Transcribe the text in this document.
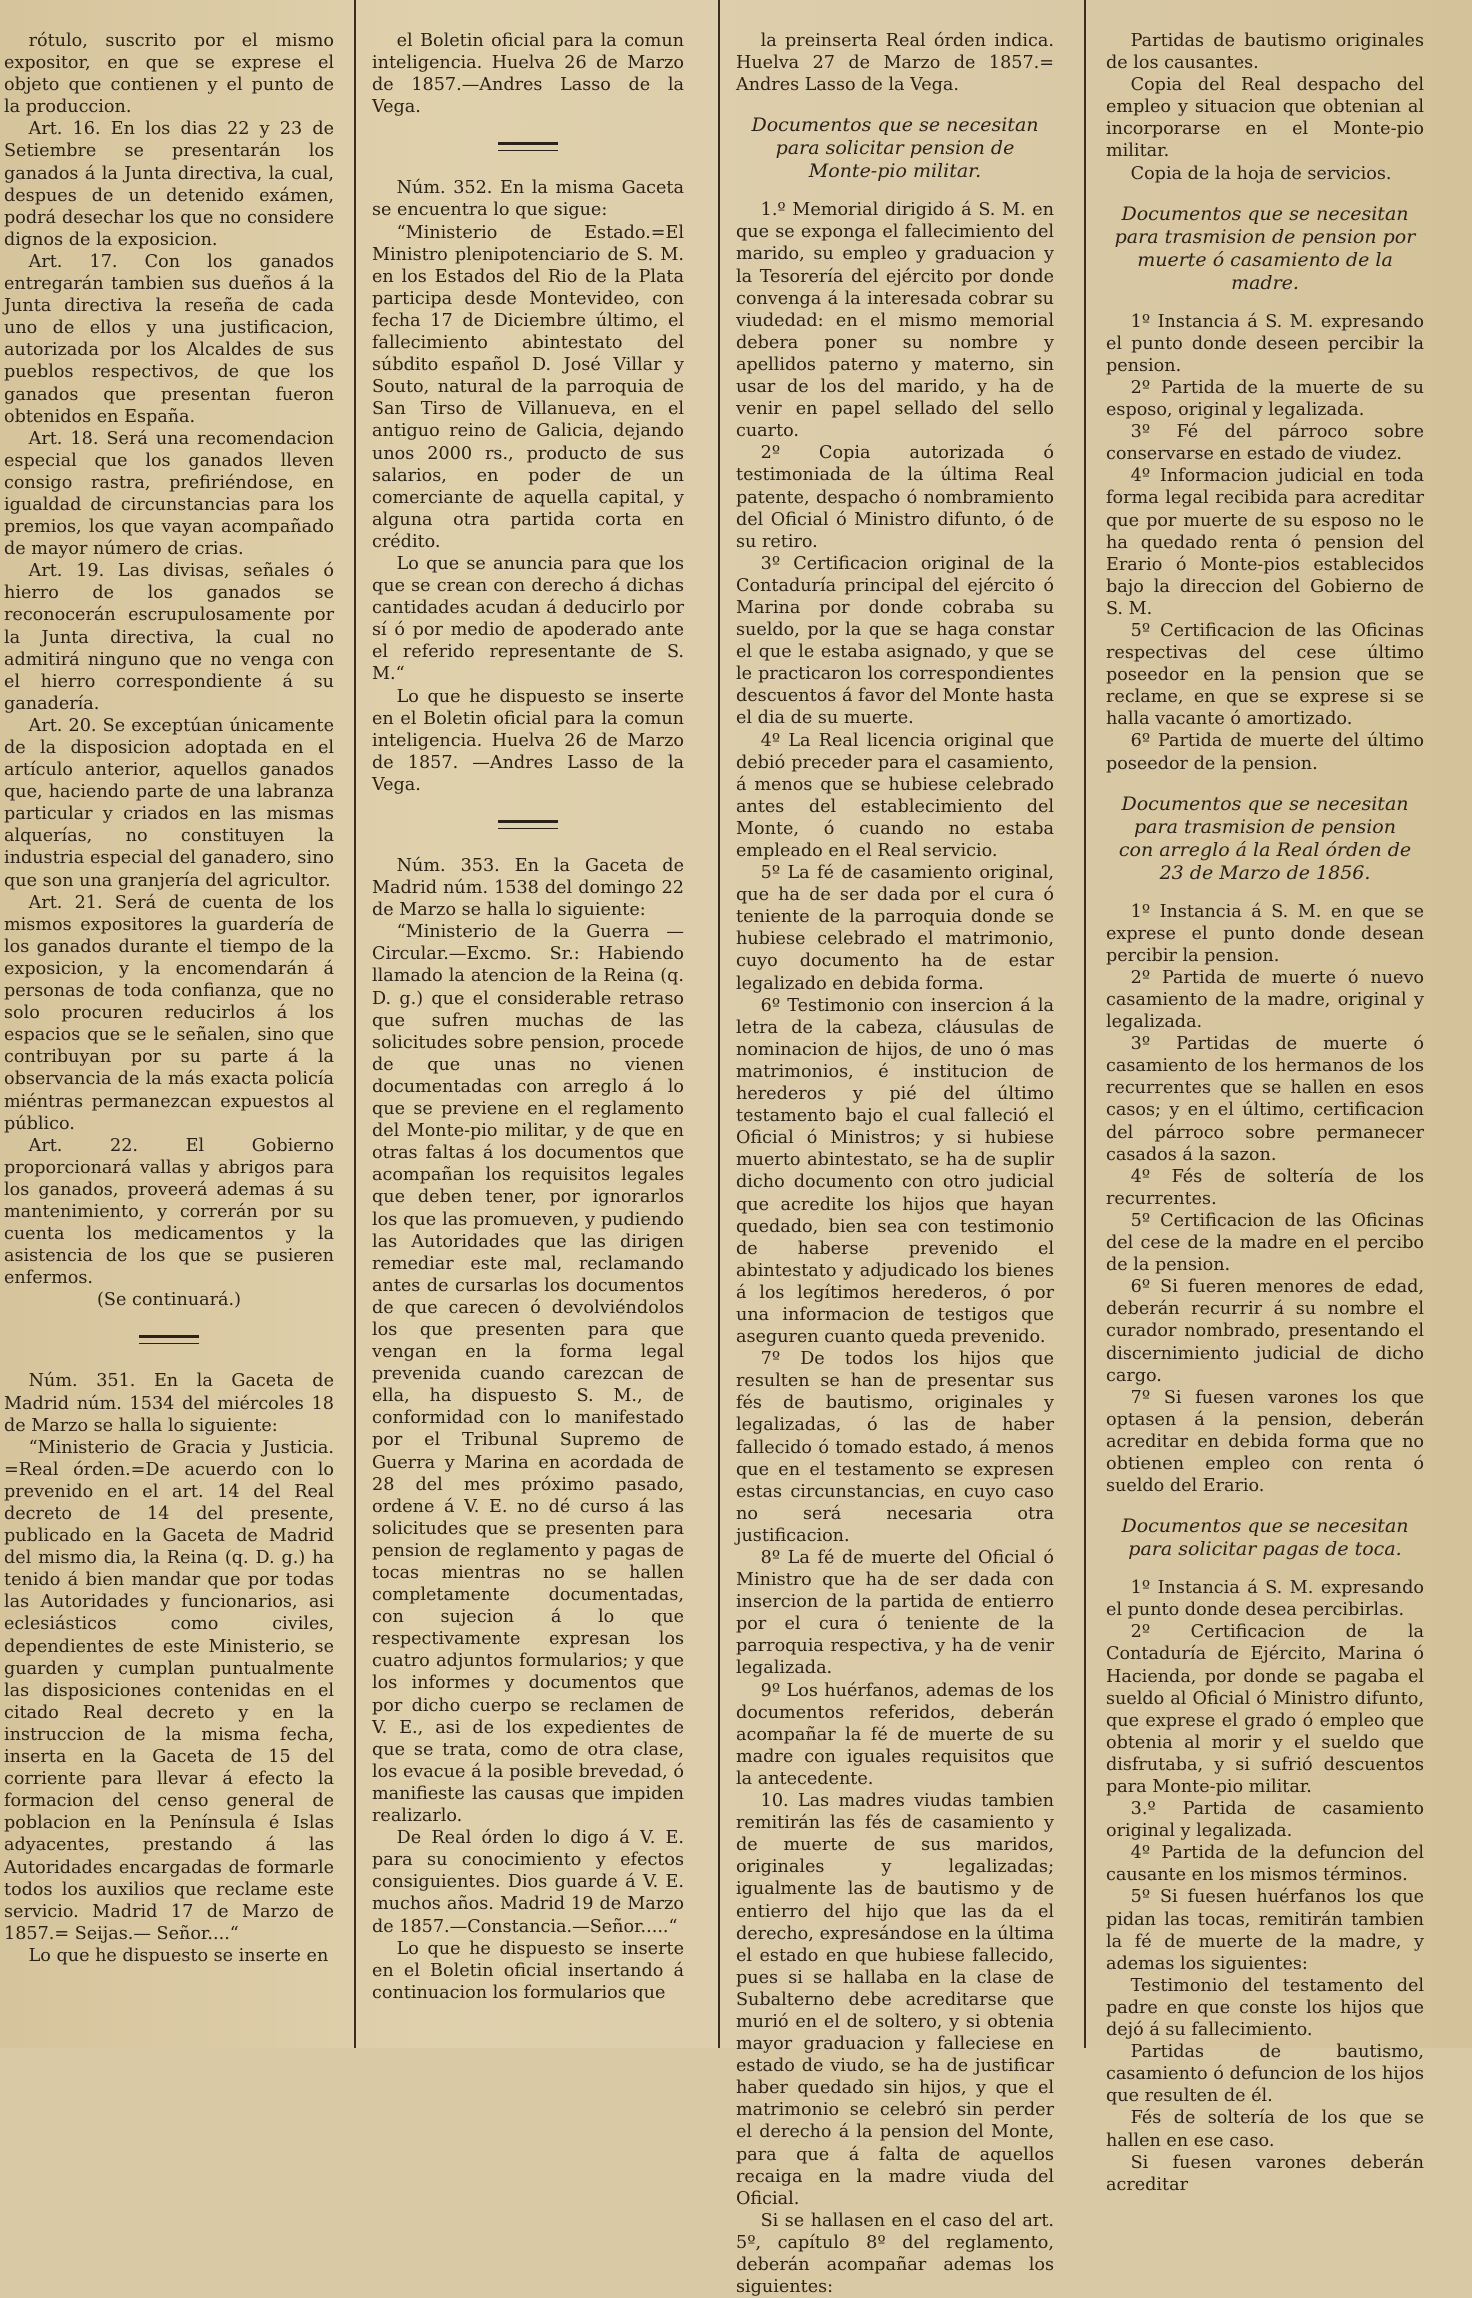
rótulo, suscrito por el mismo expositor, en que se exprese el objeto que contienen y el punto de la produccion.

Art. 16. En los dias 22 y 23 de Setiembre se presentarán los ganados á la Junta directiva, la cual, despues de un detenido exámen, podrá desechar los que no considere dignos de la exposicion.

Art. 17. Con los ganados entregarán tambien sus dueños á la Junta directiva la reseña de cada uno de ellos y una justificacion, autorizada por los Alcaldes de sus pueblos respectivos, de que los ganados que presentan fueron obtenidos en España.

Art. 18. Será una recomendacion especial que los ganados lleven consigo rastra, prefiriéndose, en igualdad de circunstancias para los premios, los que vayan acompañado de mayor número de crias.

Art. 19. Las divisas, señales ó hierro de los ganados se reconocerán escrupulosamente por la Junta directiva, la cual no admitirá ninguno que no venga con el hierro correspondiente á su ganadería.

Art. 20. Se exceptúan únicamente de la disposicion adoptada en el artículo anterior, aquellos ganados que, haciendo parte de una labranza particular y criados en las mismas alquerías, no constituyen la industria especial del ganadero, sino que son una granjería del agricultor.

Art. 21. Será de cuenta de los mismos expositores la guardería de los ganados durante el tiempo de la exposicion, y la encomendarán á personas de toda confianza, que no solo procuren reducirlos á los espacios que se le señalen, sino que contribuyan por su parte á la observancia de la más exacta policía miéntras permanezcan expuestos al público.

Art. 22. El Gobierno proporcionará vallas y abrigos para los ganados, proveerá ademas á su mantenimiento, y correrán por su cuenta los medicamentos y la asistencia de los que se pusieren enfermos.

(Se continuará.)

Núm. 351. En la Gaceta de Madrid núm. 1534 del miércoles 18 de Marzo se halla lo siguiente:

“Ministerio de Gracia y Justicia. =Real órden.=De acuerdo con lo prevenido en el art. 14 del Real decreto de 14 del presente, publicado en la Gaceta de Madrid del mismo dia, la Reina (q. D. g.) ha tenido á bien mandar que por todas las Autoridades y funcionarios, asi eclesiásticos como civiles, dependientes de este Ministerio, se guarden y cumplan puntualmente las disposiciones contenidas en el citado Real decreto y en la instruccion de la misma fecha, inserta en la Gaceta de 15 del corriente para llevar á efecto la formacion del censo general de poblacion en la Península é Islas adyacentes, prestando á las Autoridades encargadas de formarle todos los auxilios que reclame este servicio. Madrid 17 de Marzo de 1857.= Seijas.— Señor....“

Lo que he dispuesto se inserte en

el Boletin oficial para la comun inteligencia. Huelva 26 de Marzo de 1857.—Andres Lasso de la Vega.

Núm. 352. En la misma Gaceta se encuentra lo que sigue:

“Ministerio de Estado.=El Ministro plenipotenciario de S. M. en los Estados del Rio de la Plata participa desde Montevideo, con fecha 17 de Diciembre último, el fallecimiento abintestato del súbdito español D. José Villar y Souto, natural de la parroquia de San Tirso de Villanueva, en el antiguo reino de Galicia, dejando unos 2000 rs., producto de sus salarios, en poder de un comerciante de aquella capital, y alguna otra partida corta en crédito.

Lo que se anuncia para que los que se crean con derecho á dichas cantidades acudan á deducirlo por sí ó por medio de apoderado ante el referido representante de S. M.“

Lo que he dispuesto se inserte en el Boletin oficial para la comun inteligencia. Huelva 26 de Marzo de 1857. —Andres Lasso de la Vega.

Núm. 353. En la Gaceta de Madrid núm. 1538 del domingo 22 de Marzo se halla lo siguiente:

“Ministerio de la Guerra —Circular.—Excmo. Sr.: Habiendo llamado la atencion de la Reina (q. D. g.) que el considerable retraso que sufren muchas de las solicitudes sobre pension, procede de que unas no vienen documentadas con arreglo á lo que se previene en el reglamento del Monte-pio militar, y de que en otras faltas á los documentos que acompañan los requisitos legales que deben tener, por ignorarlos los que las promueven, y pudiendo las Autoridades que las dirigen remediar este mal, reclamando antes de cursarlas los documentos de que carecen ó devolviéndolos los que presenten para que vengan en la forma legal prevenida cuando carezcan de ella, ha dispuesto S. M., de conformidad con lo manifestado por el Tribunal Supremo de Guerra y Marina en acordada de 28 del mes próximo pasado, ordene á V. E. no dé curso á las solicitudes que se presenten para pension de reglamento y pagas de tocas mientras no se hallen completamente documentadas, con sujecion á lo que respectivamente expresan los cuatro adjuntos formularios; y que los informes y documentos que por dicho cuerpo se reclamen de V. E., asi de los expedientes de que se trata, como de otra clase, los evacue á la posible brevedad, ó manifieste las causas que impiden realizarlo.

De Real órden lo digo á V. E. para su conocimiento y efectos consiguientes. Dios guarde á V. E. muchos años. Madrid 19 de Marzo de 1857.—Constancia.—Señor.....“

Lo que he dispuesto se inserte en el Boletin oficial insertando á continuacion los formularios que

la preinserta Real órden indica. Huelva 27 de Marzo de 1857.= Andres Lasso de la Vega.

Documentos que se necesitan para solicitar pension de Monte-pio militar.

1.º Memorial dirigido á S. M. en que se exponga el fallecimiento del marido, su empleo y graduacion y la Tesorería del ejército por donde convenga á la interesada cobrar su viudedad: en el mismo memorial debera poner su nombre y apellidos paterno y materno, sin usar de los del marido, y ha de venir en papel sellado del sello cuarto.

2º Copia autorizada ó testimoniada de la última Real patente, despacho ó nombramiento del Oficial ó Ministro difunto, ó de su retiro.

3º Certificacion original de la Contaduría principal del ejército ó Marina por donde cobraba su sueldo, por la que se haga constar el que le estaba asignado, y que se le practicaron los correspondientes descuentos á favor del Monte hasta el dia de su muerte.

4º La Real licencia original que debió preceder para el casamiento, á menos que se hubiese celebrado antes del establecimiento del Monte, ó cuando no estaba empleado en el Real servicio.

5º La fé de casamiento original, que ha de ser dada por el cura ó teniente de la parroquia donde se hubiese celebrado el matrimonio, cuyo documento ha de estar legalizado en debida forma.

6º Testimonio con insercion á la letra de la cabeza, cláusulas de nominacion de hijos, de uno ó mas matrimonios, é institucion de herederos y pié del último testamento bajo el cual falleció el Oficial ó Ministros; y si hubiese muerto abintestato, se ha de suplir dicho documento con otro judicial que acredite los hijos que hayan quedado, bien sea con testimonio de haberse prevenido el abintestato y adjudicado los bienes á los legítimos herederos, ó por una informacion de testigos que aseguren cuanto queda prevenido.

7º De todos los hijos que resulten se han de presentar sus fés de bautismo, originales y legalizadas, ó las de haber fallecido ó tomado estado, á menos que en el testamento se expresen estas circunstancias, en cuyo caso no será necesaria otra justificacion.

8º La fé de muerte del Oficial ó Ministro que ha de ser dada con insercion de la partida de entierro por el cura ó teniente de la parroquia respectiva, y ha de venir legalizada.

9º Los huérfanos, ademas de los documentos referidos, deberán acompañar la fé de muerte de su madre con iguales requisitos que la antecedente.

10. Las madres viudas tambien remitirán las fés de casamiento y de muerte de sus maridos, originales y legalizadas; igualmente las de bautismo y de entierro del hijo que las da el derecho, expresándose en la última el estado en que hubiese fallecido, pues si se hallaba en la clase de Subalterno debe acreditarse que murió en el de soltero, y si obtenia mayor graduacion y falleciese en estado de viudo, se ha de justificar haber quedado sin hijos, y que el matrimonio se celebró sin perder el derecho á la pension del Monte, para que á falta de aquellos recaiga en la madre viuda del Oficial.

Si se hallasen en el caso del art. 5º, capítulo 8º del reglamento, deberán acompañar ademas los siguientes:

Partidas de bautismo originales de los causantes.

Copia del Real despacho del empleo y situacion que obtenian al incorporarse en el Monte-pio militar.

Copia de la hoja de servicios.

Documentos que se necesitan para trasmision de pension por muerte ó casamiento de la madre.

1º Instancia á S. M. expresando el punto donde deseen percibir la pension.

2º Partida de la muerte de su esposo, original y legalizada.

3º Fé del párroco sobre conservarse en estado de viudez.

4º Informacion judicial en toda forma legal recibida para acreditar que por muerte de su esposo no le ha quedado renta ó pension del Erario ó Monte-pios establecidos bajo la direccion del Gobierno de S. M.

5º Certificacion de las Oficinas respectivas del cese último poseedor en la pension que se reclame, en que se exprese si se halla vacante ó amortizado.

6º Partida de muerte del último poseedor de la pension.

Documentos que se necesitan para trasmision de pension con arreglo á la Real órden de 23 de Marzo de 1856.

1º Instancia á S. M. en que se exprese el punto donde desean percibir la pension.

2º Partida de muerte ó nuevo casamiento de la madre, original y legalizada.

3º Partidas de muerte ó casamiento de los hermanos de los recurrentes que se hallen en esos casos; y en el último, certificacion del párroco sobre permanecer casados á la sazon.

4º Fés de soltería de los recurrentes.

5º Certificacion de las Oficinas del cese de la madre en el percibo de la pension.

6º Si fueren menores de edad, deberán recurrir á su nombre el curador nombrado, presentando el discernimiento judicial de dicho cargo.

7º Si fuesen varones los que optasen á la pension, deberán acreditar en debida forma que no obtienen empleo con renta ó sueldo del Erario.

Documentos que se necesitan para solicitar pagas de toca.

1º Instancia á S. M. expresando el punto donde desea percibirlas.

2º Certificacion de la Contaduría de Ejército, Marina ó Hacienda, por donde se pagaba el sueldo al Oficial ó Ministro difunto, que exprese el grado ó empleo que obtenia al morir y el sueldo que disfrutaba, y si sufrió descuentos para Monte-pio militar.

3.º Partida de casamiento original y legalizada.

4º Partida de la defuncion del causante en los mismos términos.

5º Si fuesen huérfanos los que pidan las tocas, remitirán tambien la fé de muerte de la madre, y ademas los siguientes:

Testimonio del testamento del padre en que conste los hijos que dejó á su fallecimiento.

Partidas de bautismo, casamiento ó defuncion de los hijos que resulten de él.

Fés de soltería de los que se hallen en ese caso.

Si fuesen varones deberán acreditar
